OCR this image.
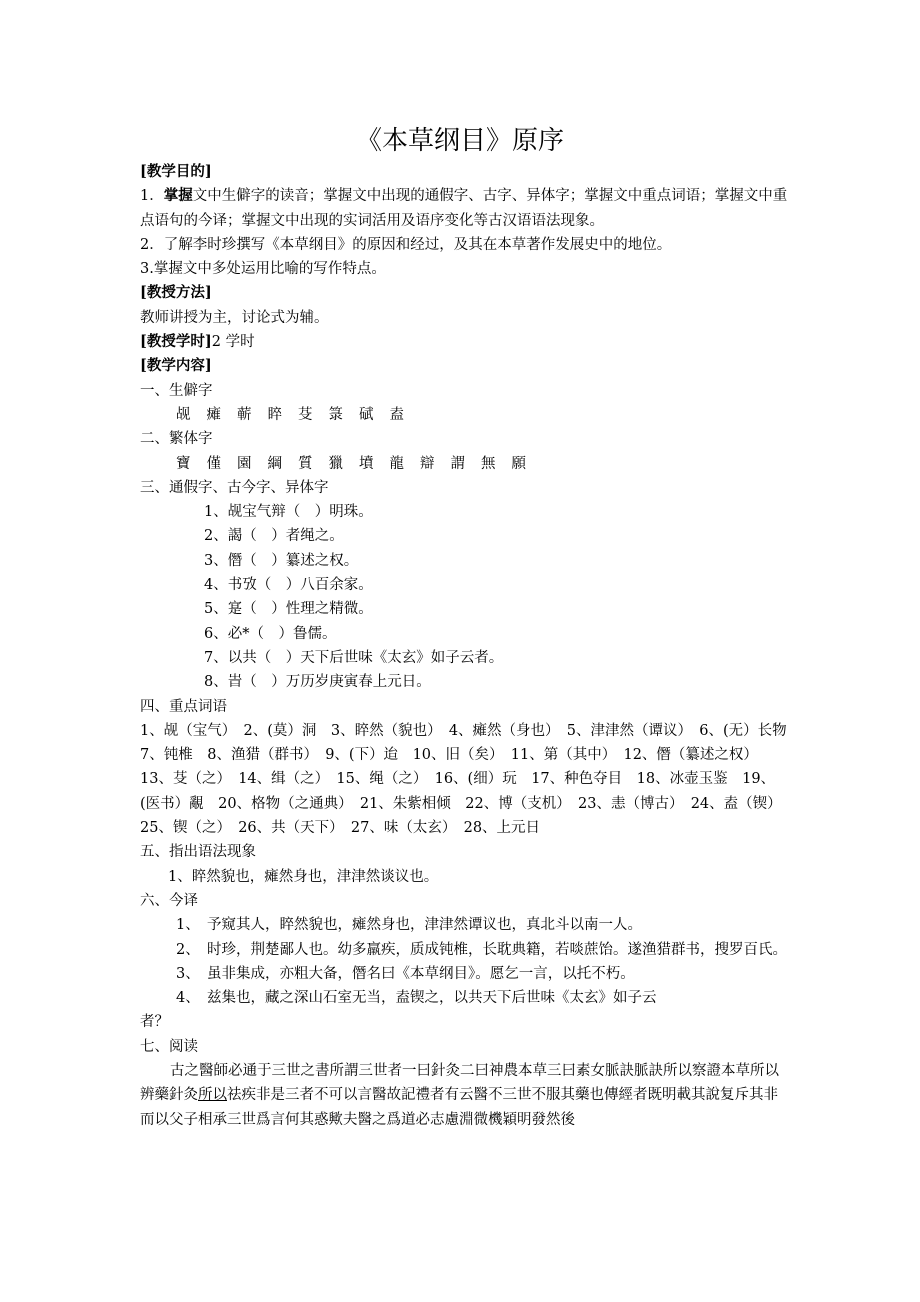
《本草纲目》原序
[教学目的]
1．掌握文中生僻字的读音；掌握文中出现的通假字、古字、异体字；掌握文中重点词语；掌握文中重点语句的今译；掌握文中出现的实词活用及语序变化等古汉语语法现象。
2．了解李时珍撰写《本草纲目》的原因和经过，及其在本草著作发展史中的地位。
3.掌握文中多处运用比喻的写作特点。
[教授方法]
教师讲授为主，讨论式为辅。
[教授学时]2 学时
[教学内容]
一、生僻字
觇 瘫 蕲 睟 芟 箓 碔 盍
二、繁体字
寶 僅 園 綱 質 獵 墳 龍 辯 謂 無 願
三、通假字、古今字、异体字
1、觇宝气辩（　）明珠。
2、謁（　）者绳之。
3、僭（　）纂述之权。
4、书攷（　）八百余家。
5、寔（　）性理之精微。
6、必*（　）鲁儒。
7、以共（　）天下后世味《太玄》如子云者。
8、旹（　）万历岁庚寅春上元日。
四、重点词语
1、觇（宝气）　2、(莫）洞　3、睟然（貌也）　4、瘫然（身也）　5、津津然（谭议）　6、(无）长物　7、钝椎　8、渔猎（群书）　9、(下）迨　10、旧（矣）　11、第（其中）　12、僭（纂述之权）　13、芟（之）　14、缉（之）　15、绳（之）　16、(细）玩　17、种色夺目　18、冰壶玉鉴　19、(医书）覶　20、格物（之通典）　21、朱紫相倾　22、博（支机）　23、恚（博古）　24、盍（锲）　25、锲（之）　26、共（天下）　27、味（太玄）　28、上元日
五、指出语法现象
1、睟然貌也，瘫然身也，津津然谈议也。
六、今译
1、　予窥其人，睟然貌也，瘫然身也，津津然谭议也，真北斗以南一人。
2、　时珍，荆楚鄙人也。幼多羸疾，质成钝椎，长耽典籍，若啖蔗饴。遂渔猎群书，搜罗百氏。
3、　虽非集成，亦粗大备，僭名曰《本草纲目》。愿乞一言，以托不朽。
4、　兹集也，藏之深山石室无当，盍锲之，以共天下后世味《太玄》如子云
者？
七、阅读
古之醫師必通于三世之書所謂三世者一曰針灸二曰神農本草三曰素女脈訣脈訣所以察證本草所以辨藥針灸所以祛疾非是三者不可以言醫故記禮者有云醫不三世不服其藥也傳經者既明載其說复斥其非而以父子相承三世爲言何其惑歟夫醫之爲道必志慮淵微機穎明發然後
